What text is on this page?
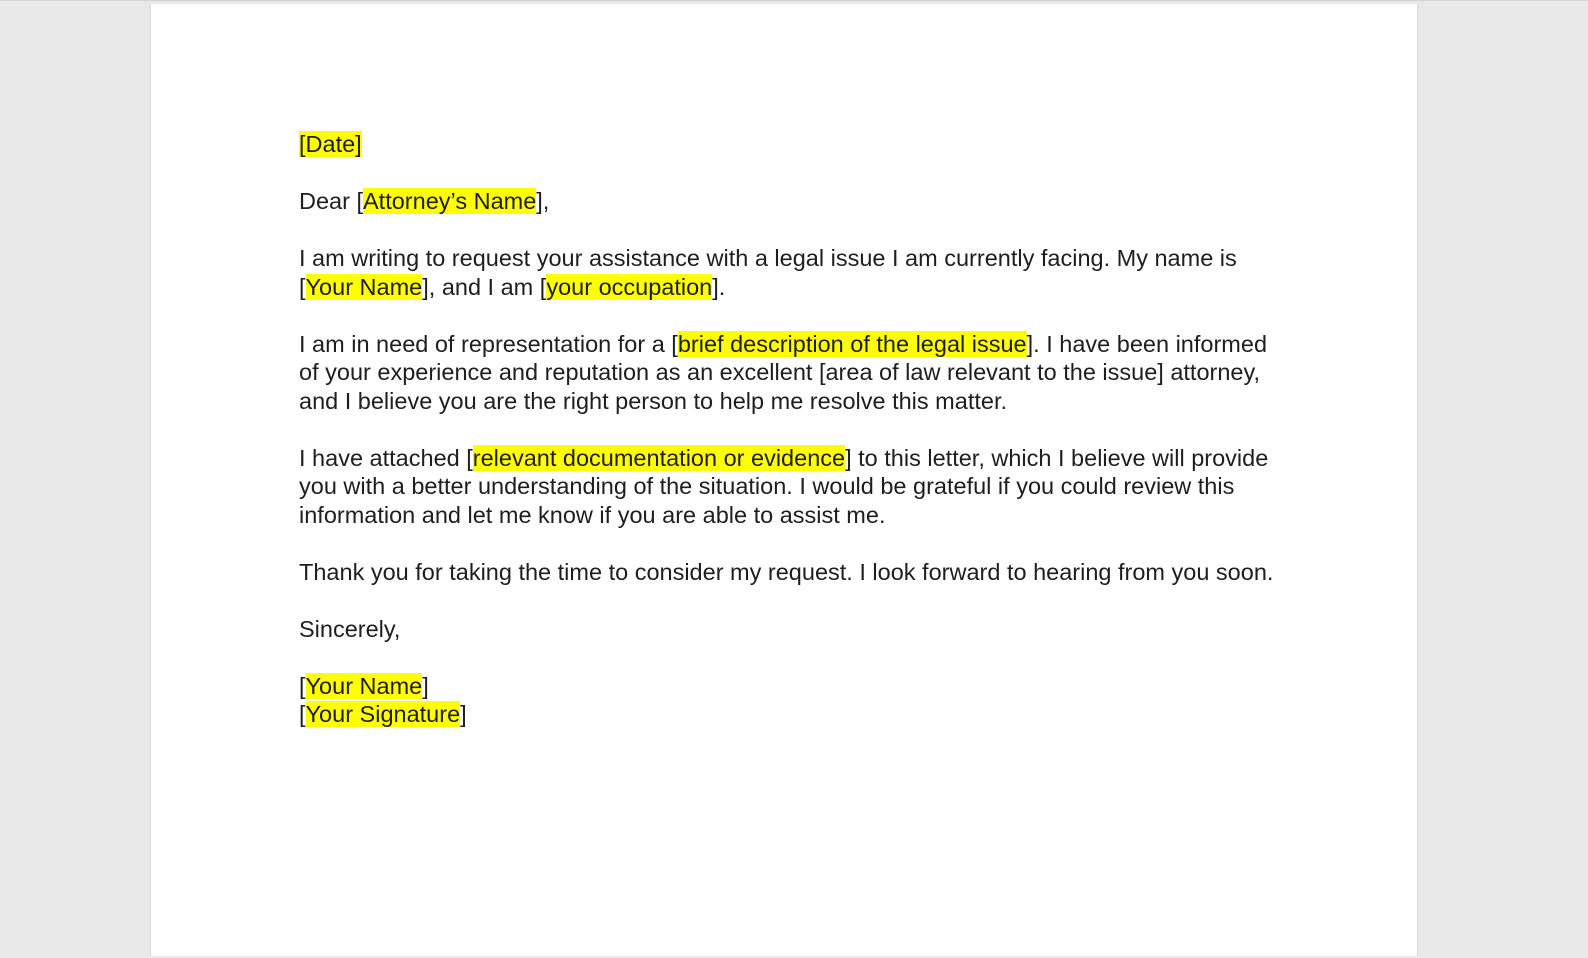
[Date]

Dear [Attorney’s Name],

I am writing to request your assistance with a legal issue I am currently facing. My name is [Your Name], and I am [your occupation].

I am in need of representation for a [brief description of the legal issue]. I have been informed of your experience and reputation as an excellent [area of law relevant to the issue] attorney, and I believe you are the right person to help me resolve this matter.

I have attached [relevant documentation or evidence] to this letter, which I believe will provide you with a better understanding of the situation. I would be grateful if you could review this information and let me know if you are able to assist me.

Thank you for taking the time to consider my request. I look forward to hearing from you soon.

Sincerely,

[Your Name]

[Your Signature]
